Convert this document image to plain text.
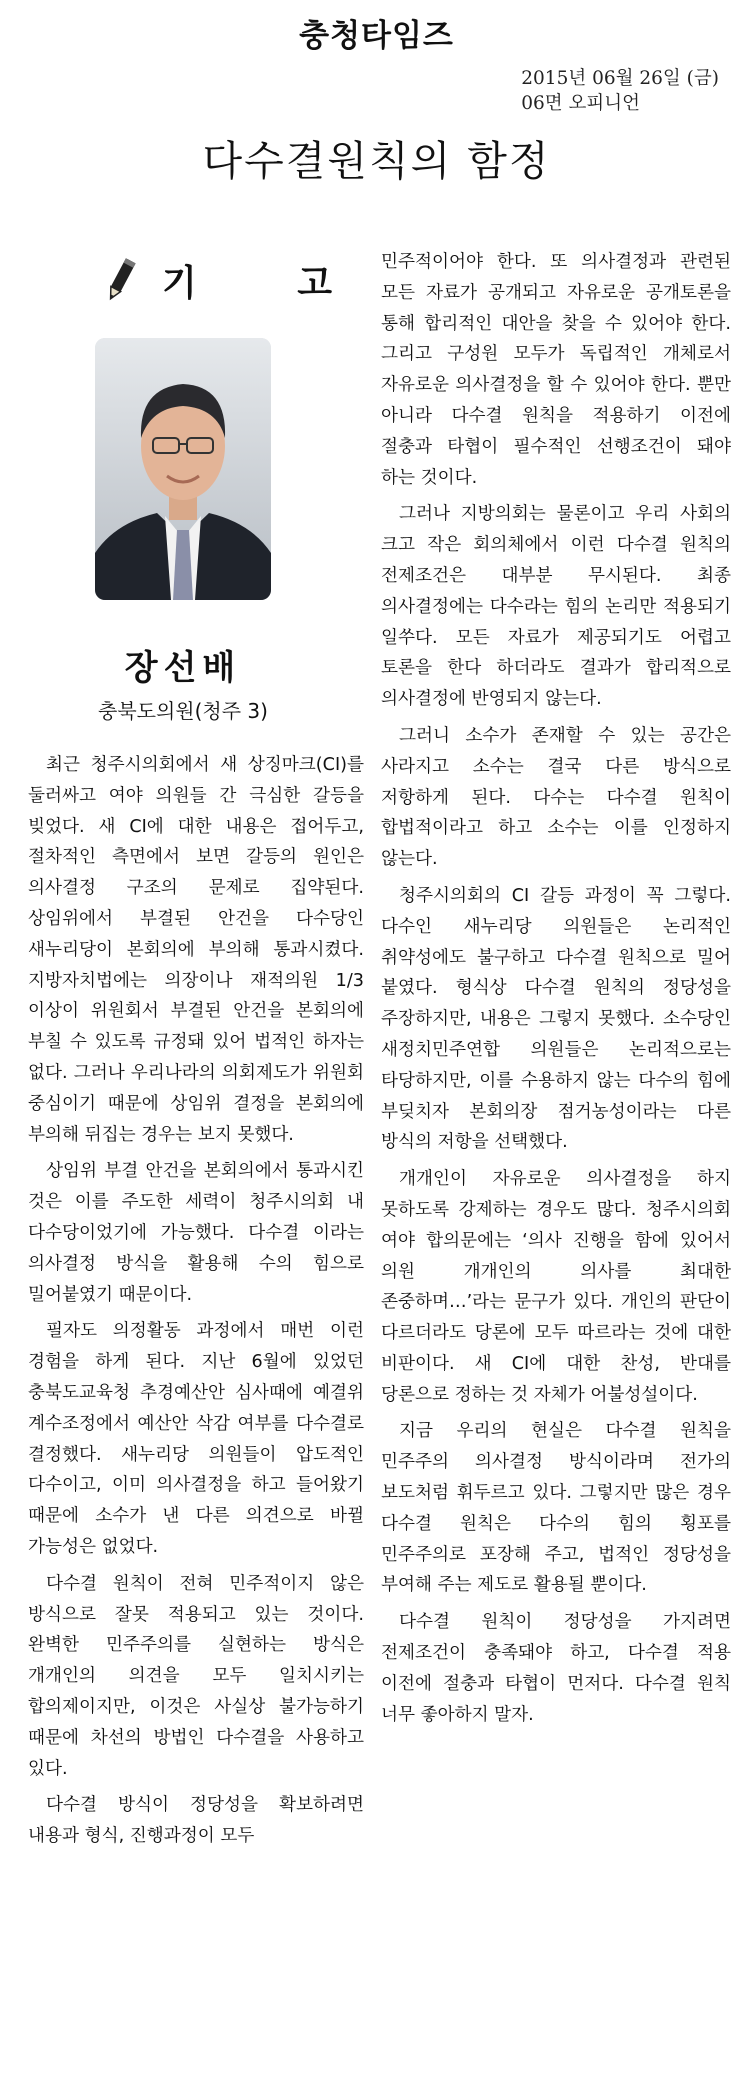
충청타임즈
2015년 06월 26일 (금)
06면 오피니언
다수결원칙의 함정
기 고
장선배
충북도의원(청주 3)

최근 청주시의회에서 새 상징마크(CI)를 둘러싸고 여야 의원들 간 극심한 갈등을 빚었다. 새 CI에 대한 내용은 접어두고, 절차적인 측면에서 보면 갈등의 원인은 의사결정 구조의 문제로 집약된다. 상임위에서 부결된 안건을 다수당인 새누리당이 본회의에 부의해 통과시켰다. 지방자치법에는 의장이나 재적의원 1/3 이상이 위원회서 부결된 안건을 본회의에 부칠 수 있도록 규정돼 있어 법적인 하자는 없다. 그러나 우리나라의 의회제도가 위원회 중심이기 때문에 상임위 결정을 본회의에 부의해 뒤집는 경우는 보지 못했다.

상임위 부결 안건을 본회의에서 통과시킨 것은 이를 주도한 세력이 청주시의회 내 다수당이었기에 가능했다. 다수결 이라는 의사결정 방식을 활용해 수의 힘으로 밀어붙였기 때문이다.

필자도 의정활동 과정에서 매번 이런 경험을 하게 된다. 지난 6월에 있었던 충북도교육청 추경예산안 심사때에 예결위 계수조정에서 예산안 삭감 여부를 다수결로 결정했다. 새누리당 의원들이 압도적인 다수이고, 이미 의사결정을 하고 들어왔기 때문에 소수가 낸 다른 의견으로 바뀔 가능성은 없었다.

다수결 원칙이 전혀 민주적이지 않은 방식으로 잘못 적용되고 있는 것이다. 완벽한 민주주의를 실현하는 방식은 개개인의 의견을 모두 일치시키는 합의제이지만, 이것은 사실상 불가능하기 때문에 차선의 방법인 다수결을 사용하고 있다.

다수결 방식이 정당성을 확보하려면 내용과 형식, 진행과정이 모두

민주적이어야 한다. 또 의사결정과 관련된 모든 자료가 공개되고 자유로운 공개토론을 통해 합리적인 대안을 찾을 수 있어야 한다. 그리고 구성원 모두가 독립적인 개체로서 자유로운 의사결정을 할 수 있어야 한다. 뿐만 아니라 다수결 원칙을 적용하기 이전에 절충과 타협이 필수적인 선행조건이 돼야 하는 것이다.

그러나 지방의회는 물론이고 우리 사회의 크고 작은 회의체에서 이런 다수결 원칙의 전제조건은 대부분 무시된다. 최종 의사결정에는 다수라는 힘의 논리만 적용되기 일쑤다. 모든 자료가 제공되기도 어렵고 토론을 한다 하더라도 결과가 합리적으로 의사결정에 반영되지 않는다.

그러니 소수가 존재할 수 있는 공간은 사라지고 소수는 결국 다른 방식으로 저항하게 된다. 다수는 다수결 원칙이 합법적이라고 하고 소수는 이를 인정하지 않는다.

청주시의회의 CI 갈등 과정이 꼭 그렇다. 다수인 새누리당 의원들은 논리적인 취약성에도 불구하고 다수결 원칙으로 밀어 붙였다. 형식상 다수결 원칙의 정당성을 주장하지만, 내용은 그렇지 못했다. 소수당인 새정치민주연합 의원들은 논리적으로는 타당하지만, 이를 수용하지 않는 다수의 힘에 부딪치자 본회의장 점거농성이라는 다른 방식의 저항을 선택했다.

개개인이 자유로운 의사결정을 하지 못하도록 강제하는 경우도 많다. 청주시의회 여야 합의문에는 ‘의사 진행을 함에 있어서 의원 개개인의 의사를 최대한 존중하며…’라는 문구가 있다. 개인의 판단이 다르더라도 당론에 모두 따르라는 것에 대한 비판이다. 새 CI에 대한 찬성, 반대를 당론으로 정하는 것 자체가 어불성설이다.

지금 우리의 현실은 다수결 원칙을 민주주의 의사결정 방식이라며 전가의 보도처럼 휘두르고 있다. 그렇지만 많은 경우 다수결 원칙은 다수의 힘의 횡포를 민주주의로 포장해 주고, 법적인 정당성을 부여해 주는 제도로 활용될 뿐이다.

다수결 원칙이 정당성을 가지려면 전제조건이 충족돼야 하고, 다수결 적용 이전에 절충과 타협이 먼저다. 다수결 원칙 너무 좋아하지 말자.
